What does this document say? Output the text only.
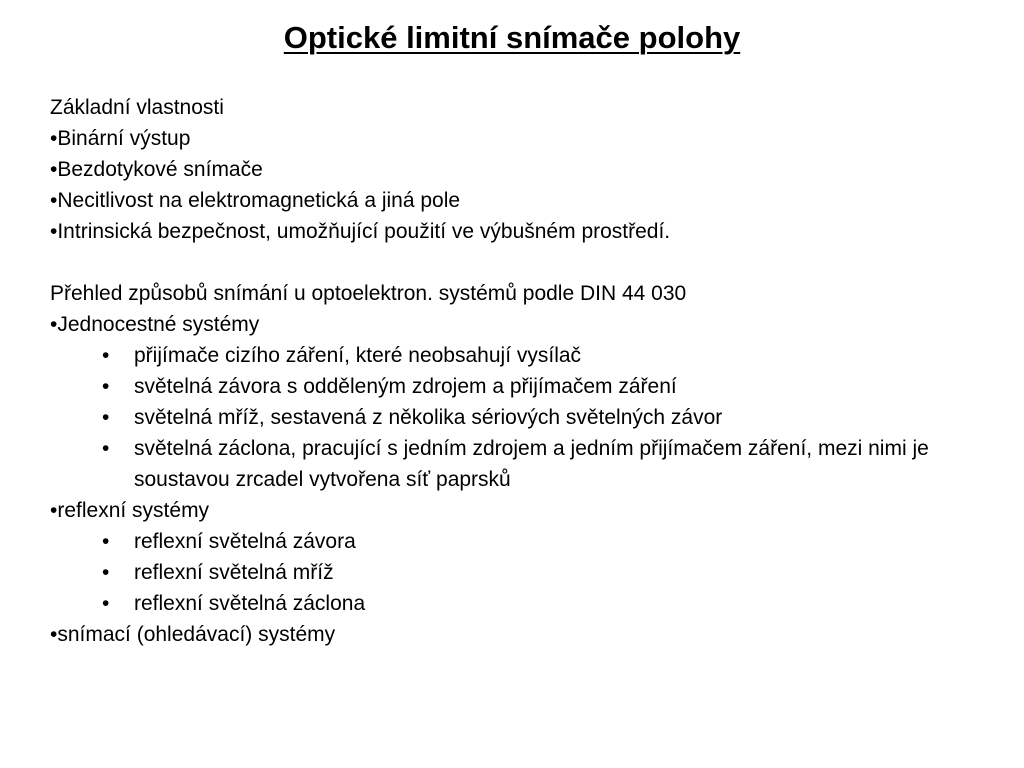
Optické limitní snímače polohy
Základní vlastnosti
•Binární výstup
•Bezdotykové snímače
•Necitlivost na elektromagnetická a jiná pole
•Intrinsická bezpečnost, umožňující použití ve výbušném prostředí.
Přehled způsobů snímání u optoelektron. systémů podle DIN 44 030
•Jednocestné systémy
• přijímače cizího záření, které neobsahují vysílač
• světelná závora s odděleným zdrojem a přijímačem záření
• světelná mříž, sestavená z několika sériových světelných závor
• světelná záclona, pracující s jedním zdrojem a jedním přijímačem záření, mezi nimi je soustavou zrcadel vytvořena síť paprsků
•reflexní systémy
• reflexní světelná závora
• reflexní světelná mříž
• reflexní světelná záclona
•snímací (ohledávací) systémy
